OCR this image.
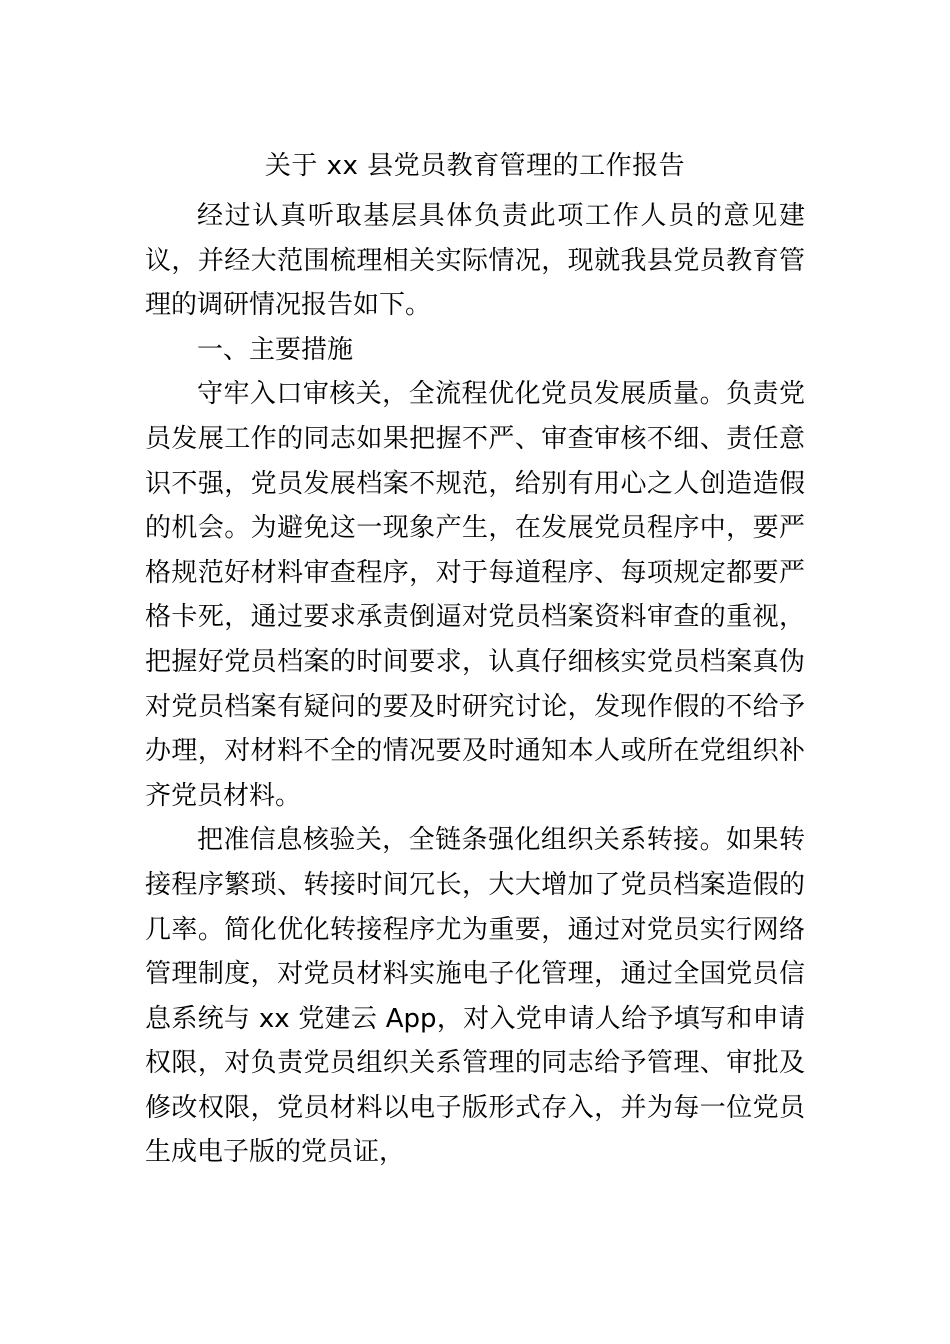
关于 xx 县党员教育管理的工作报告

经过认真听取基层具体负责此项工作人员的意见建议，并经大范围梳理相关实际情况，现就我县党员教育管理的调研情况报告如下。

一、主要措施

守牢入口审核关，全流程优化党员发展质量。负责党员发展工作的同志如果把握不严、审查审核不细、责任意识不强，党员发展档案不规范，给别有用心之人创造造假的机会。为避免这一现象产生，在发展党员程序中，要严格规范好材料审查程序，对于每道程序、每项规定都要严格卡死，通过要求承责倒逼对党员档案资料审查的重视，把握好党员档案的时间要求，认真仔细核实党员档案真伪对党员档案有疑问的要及时研究讨论，发现作假的不给予办理，对材料不全的情况要及时通知本人或所在党组织补齐党员材料。

把准信息核验关，全链条强化组织关系转接。如果转接程序繁琐、转接时间冗长，大大增加了党员档案造假的几率。简化优化转接程序尤为重要，通过对党员实行网络管理制度，对党员材料实施电子化管理，通过全国党员信息系统与 xx 党建云 App，对入党申请人给予填写和申请权限，对负责党员组织关系管理的同志给予管理、审批及修改权限，党员材料以电子版形式存入，并为每一位党员生成电子版的党员证，
